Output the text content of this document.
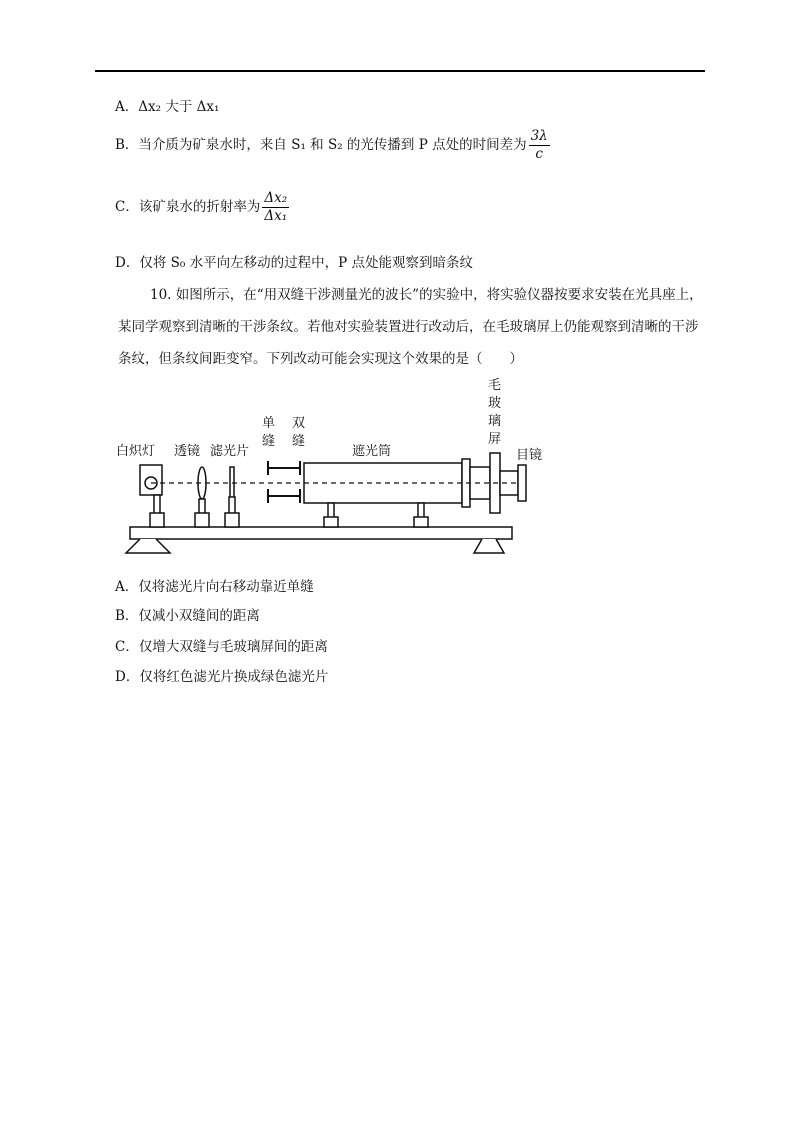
A．Δx₂ 大于 Δx₁
B．当介质为矿泉水时，来自 S₁ 和 S₂ 的光传播到 P 点处的时间差为 $\frac{3\lambda}{c}$
C．该矿泉水的折射率为 $\frac{\text{Δx₂}}{\text{Δx₁}}$
D．仅将 S₀ 水平向左移动的过程中，P 点处能观察到暗条纹
10. 如图所示，在“用双缝干涉测量光的波长”的实验中，将实验仪器按要求安装在光具座上，某同学观察到清晰的干涉条纹。若他对实验装置进行改动后，在毛玻璃屏上仍能观察到清晰的干涉条纹，但条纹间距变窄。下列改动可能会实现这个效果的是（　　）
白炽灯 透镜 滤光片
单
缝
双
缝
遮光筒
毛
玻
璃
屏
目镜
A．仅将滤光片向右移动靠近单缝
B．仅减小双缝间的距离
C．仅增大双缝与毛玻璃屏间的距离
D．仅将红色滤光片换成绿色滤光片
